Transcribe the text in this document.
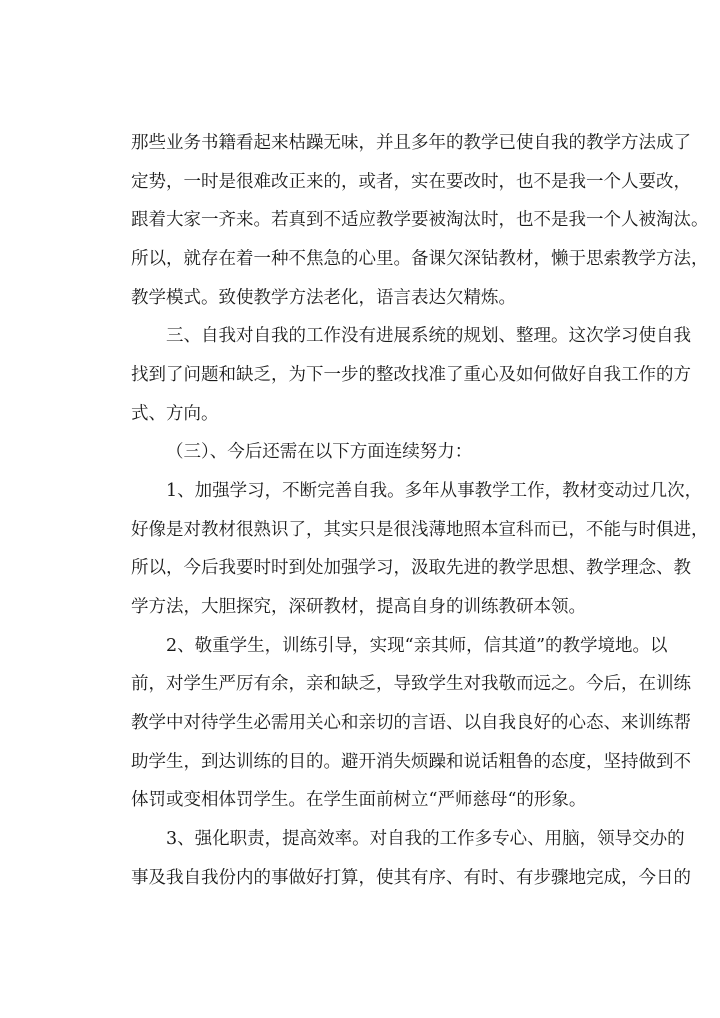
那些业务书籍看起来枯躁无味，并且多年的教学已使自我的教学方法成了
定势，一时是很难改正来的，或者，实在要改时，也不是我一个人要改，
跟着大家一齐来。若真到不适应教学要被淘汰时，也不是我一个人被淘汰。
所以，就存在着一种不焦急的心里。备课欠深钻教材，懒于思索教学方法，
教学模式。致使教学方法老化，语言表达欠精炼。
三、自我对自我的工作没有进展系统的规划、整理。这次学习使自我
找到了问题和缺乏，为下一步的整改找准了重心及如何做好自我工作的方
式、方向。
（三）、今后还需在以下方面连续努力：
1、加强学习，不断完善自我。多年从事教学工作，教材变动过几次，
好像是对教材很熟识了，其实只是很浅薄地照本宣科而已，不能与时俱进，
所以，今后我要时时到处加强学习，汲取先进的教学思想、教学理念、教
学方法，大胆探究，深研教材，提高自身的训练教研本领。
2、敬重学生，训练引导，实现“亲其师，信其道”的教学境地。以
前，对学生严厉有余，亲和缺乏，导致学生对我敬而远之。今后，在训练
教学中对待学生必需用关心和亲切的言语、以自我良好的心态、来训练帮
助学生，到达训练的目的。避开消失烦躁和说话粗鲁的态度，坚持做到不
体罚或变相体罚学生。在学生面前树立“严师慈母“的形象。
3、强化职责，提高效率。对自我的工作多专心、用脑，领导交办的
事及我自我份内的事做好打算，使其有序、有时、有步骤地完成，今日的
